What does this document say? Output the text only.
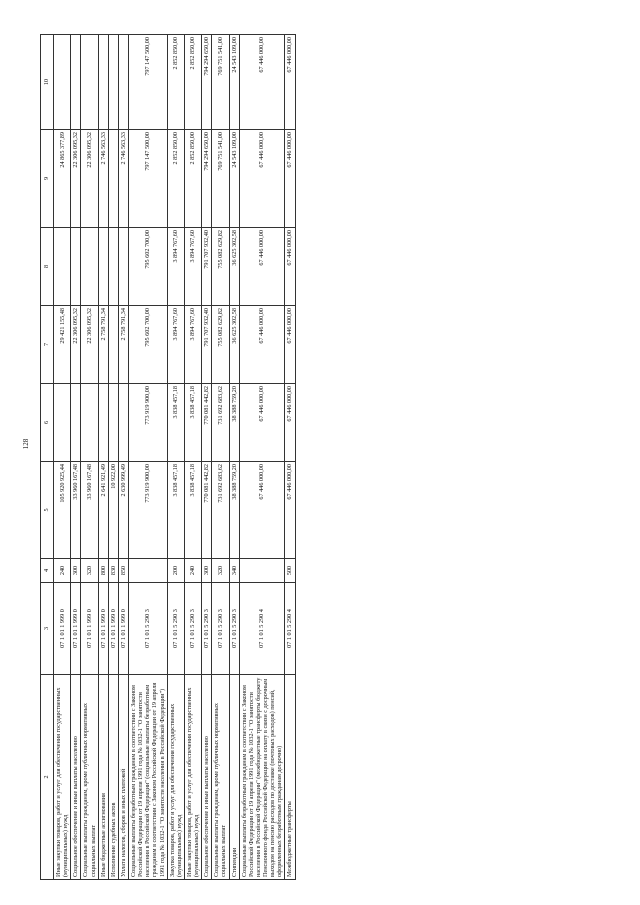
128
2	3	4	5	6	7	8	9	10
Иные закупки товаров, работ и услуг для обеспечения государственных (муниципальных) нужд	07 1 01 1 999 0	240	105 920 925,44		29 421 155,48		24 865 377,89	
Социальное обеспечение и иные выплаты населению	07 1 01 1 999 0	300	33 960 167,48		22 306 095,32		22 306 095,32	
Социальные выплаты гражданам, кроме публичных нормативных социальных выплат	07 1 01 1 999 0	320	33 960 167,48		22 306 095,32		22 306 095,32	
Иные бюджетные ассигнования	07 1 01 1 999 0	800	2 641 921,49		2 758 791,34		2 746 563,33	
Исполнение судебных актов	07 1 01 1 999 0	830	10 922,00					
Уплата налогов, сборов и иных платежей	07 1 01 1 999 0	850	2 630 999,49		2 758 791,34		2 746 563,33	
Социальные выплаты безработным гражданам в соответствии с Законом Российской Федерации от 19 апреля 1991 года № 1032-1 "О занятости населения в Российской Федерации" (социальные выплаты безработным гражданам в соответствии с Законом Российской Федерации от 19 апреля 1991 года № 1032-1 "О занятости населения в Российской Федерации")	07 1 01 5 290 3		773 919 900,00	773 919 900,00	795 602 700,00	795 602 700,00	797 147 500,00	797 147 500,00
Закупка товаров, работ и услуг для обеспечения государственных (муниципальных) нужд	07 1 01 5 290 3	200	3 838 457,18	3 838 457,18	3 894 767,60	3 894 767,60	2 852 850,00	2 852 850,00
Иные закупки товаров, работ и услуг для обеспечения государственных (муниципальных) нужд	07 1 01 5 290 3	240	3 838 457,18	3 838 457,18	3 894 767,60	3 894 767,60	2 852 850,00	2 852 850,00
Социальное обеспечение и иные выплаты населению	07 1 01 5 290 3	300	770 081 442,82	770 081 442,82	791 707 932,40	791 707 932,40	794 294 650,00	794 294 650,00
Социальные выплаты гражданам, кроме публичных нормативных социальных выплат	07 1 01 5 290 3	320	731 692 683,62	731 692 683,62	755 082 629,82	755 082 629,82	769 751 541,00	769 751 541,00
Стипендии	07 1 01 5 290 3	340	38 388 759,20	38 388 759,20	36 625 302,58	36 625 302,58	24 543 109,00	24 543 109,00
Социальные выплаты безработным гражданам в соответствии с Законом Российской Федерации от 19 апреля 1991 года № 1032-1 "О занятости населения в Российской Федерации" (межбюджетные трансферты бюджету Пенсионного фонда Российской Федерации на оплату в связи с досрочным выходом на пенсию расходов по доставке (почтовых расходов) пенсий, оформленных безработным гражданам досрочно)	07 1 01 5 290 4		67 446 000,00	67 446 000,00	67 446 000,00	67 446 000,00	67 446 000,00	67 446 000,00
Межбюджетные трансферты	07 1 01 5 290 4	500	67 446 000,00	67 446 000,00	67 446 000,00	67 446 000,00	67 446 000,00	67 446 000,00
